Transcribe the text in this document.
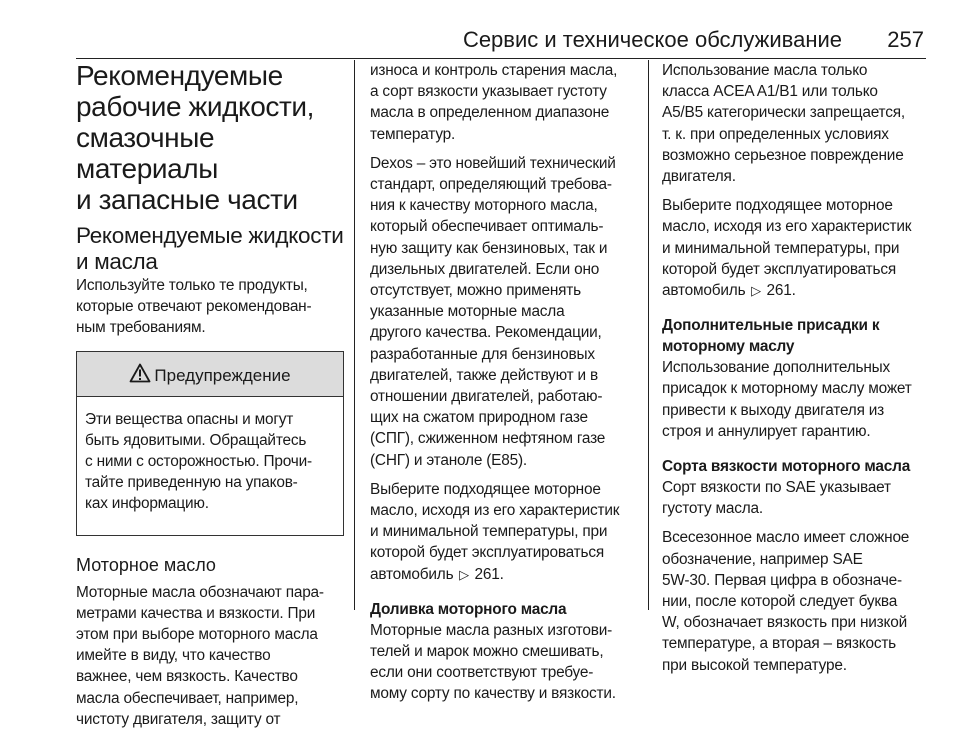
Сервис и техническое обслуживание 257
Рекомендуемые
рабочие жидкости,
смазочные материалы
и запасные части
Рекомендуемые жидкости
и масла

Используйте только те продукты,
которые отвечают рекомендован-
ным требованиям.

Предупреждение
Эти вещества опасны и могут
быть ядовитыми. Обращайтесь
с ними с осторожностью. Прочи-
тайте приведенную на упаков-
ках информацию.
Моторное масло

Моторные масла обозначают пара-
метрами качества и вязкости. При
этом при выборе моторного масла
имейте в виду, что качество
важнее, чем вязкость. Качество
масла обеспечивает, например,
чистоту двигателя, защиту от

износа и контроль старения масла,
а сорт вязкости указывает густоту
масла в определенном диапазоне
температур.

Dexos – это новейший технический
стандарт, определяющий требова-
ния к качеству моторного масла,
который обеспечивает оптималь-
ную защиту как бензиновых, так и
дизельных двигателей. Если оно
отсутствует, можно применять
указанные моторные масла
другого качества. Рекомендации,
разработанные для бензиновых
двигателей, также действуют и в
отношении двигателей, работаю-
щих на сжатом природном газе
(СПГ), сжиженном нефтяном газе
(СНГ) и этаноле (E85).

Выберите подходящее моторное
масло, исходя из его характеристик
и минимальной температуры, при
которой будет эксплуатироваться
автомобиль ▷ 261.

Доливка моторного масла

Моторные масла разных изготови-
телей и марок можно смешивать,
если они соответствуют требуе-
мому сорту по качеству и вязкости.

Использование масла только
класса ACEA A1/B1 или только
A5/B5 категорически запрещается,
т. к. при определенных условиях
возможно серьезное повреждение
двигателя.

Выберите подходящее моторное
масло, исходя из его характеристик
и минимальной температуры, при
которой будет эксплуатироваться
автомобиль ▷ 261.

Дополнительные присадки к
моторному маслу

Использование дополнительных
присадок к моторному маслу может
привести к выходу двигателя из
строя и аннулирует гарантию.

Сорта вязкости моторного масла

Сорт вязкости по SAE указывает
густоту масла.

Всесезонное масло имеет сложное
обозначение, например SAE
5W-30. Первая цифра в обозначе-
нии, после которой следует буква
W, обозначает вязкость при низкой
температуре, а вторая – вязкость
при высокой температуре.
